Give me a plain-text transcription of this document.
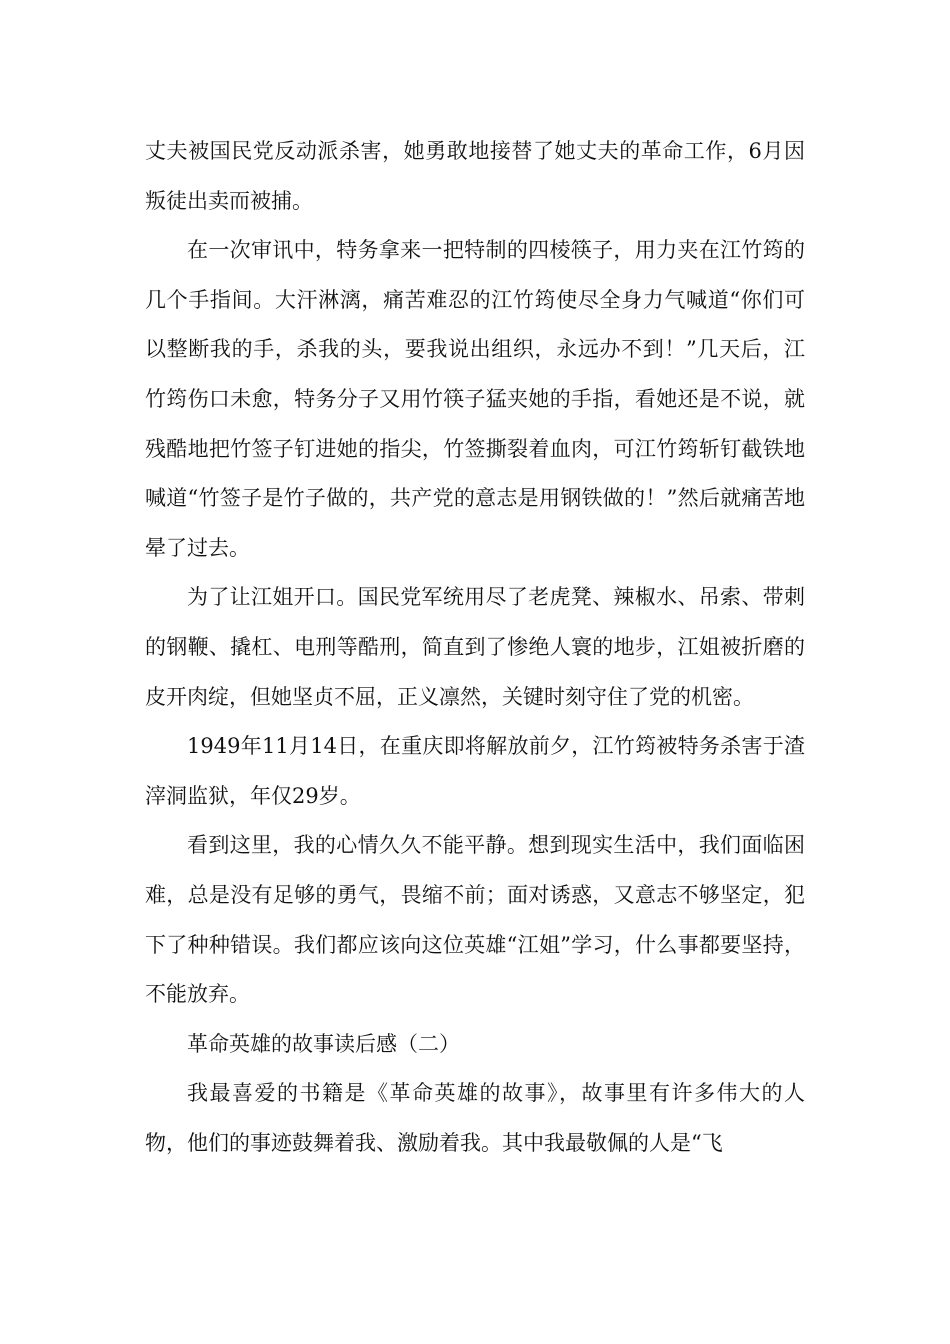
丈夫被国民党反动派杀害，她勇敢地接替了她丈夫的革命工作，6月因叛徒出卖而被捕。

在一次审讯中，特务拿来一把特制的四棱筷子，用力夹在江竹筠的几个手指间。大汗淋漓，痛苦难忍的江竹筠使尽全身力气喊道“你们可以整断我的手，杀我的头，要我说出组织，永远办不到！”几天后，江竹筠伤口未愈，特务分子又用竹筷子猛夹她的手指，看她还是不说，就残酷地把竹签子钉进她的指尖，竹签撕裂着血肉，可江竹筠斩钉截铁地喊道“竹签子是竹子做的，共产党的意志是用钢铁做的！”然后就痛苦地晕了过去。

为了让江姐开口。国民党军统用尽了老虎凳、辣椒水、吊索、带刺的钢鞭、撬杠、电刑等酷刑，简直到了惨绝人寰的地步，江姐被折磨的皮开肉绽，但她坚贞不屈，正义凛然，关键时刻守住了党的机密。

1949年11月14日，在重庆即将解放前夕，江竹筠被特务杀害于渣滓洞监狱，年仅29岁。

看到这里，我的心情久久不能平静。想到现实生活中，我们面临困难，总是没有足够的勇气，畏缩不前；面对诱惑，又意志不够坚定，犯下了种种错误。我们都应该向这位英雄“江姐”学习，什么事都要坚持，不能放弃。

革命英雄的故事读后感（二）

我最喜爱的书籍是《革命英雄的故事》，故事里有许多伟大的人物，他们的事迹鼓舞着我、激励着我。其中我最敬佩的人是“飞
